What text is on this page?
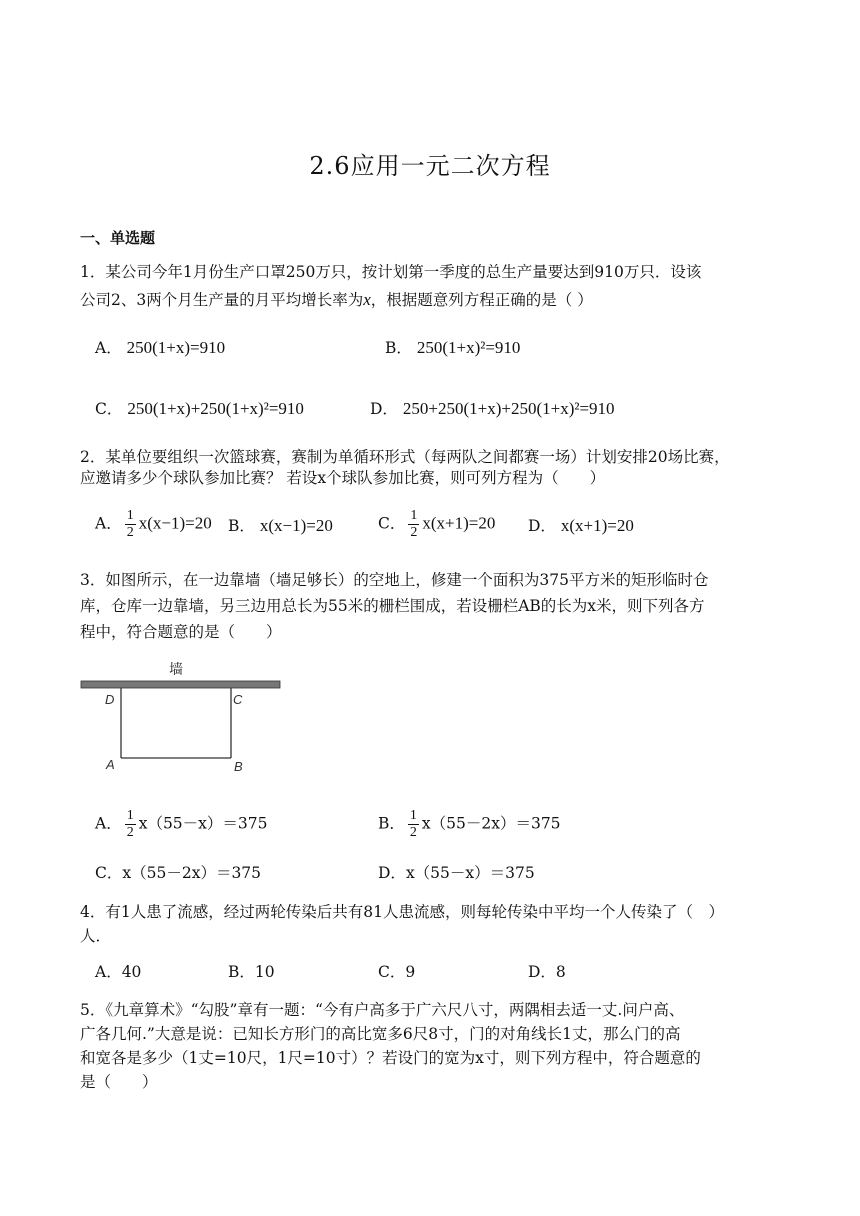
2.6应用一元二次方程
一、单选题
1．某公司今年1月份生产口罩250万只，按计划第一季度的总生产量要达到910万只．设该
公司2、3两个月生产量的月平均增长率为x，根据题意列方程正确的是（ ）
A． 250(1+x)=910	B． 250(1+x)²=910
C． 250(1+x)+250(1+x)²=910	D． 250+250(1+x)+250(1+x)²=910
2．某单位要组织一次篮球赛，赛制为单循环形式（每两队之间都赛一场）计划安排20场比赛，
应邀请多少个球队参加比赛？ 若设x个球队参加比赛，则可列方程为（　　）
A． $\frac{1}{2} x(x-1)=20$ B． x(x−1)=20	C． $\frac{1}{2} x(x+1)=20$ D． x(x+1)=20
3．如图所示，在一边靠墙（墙足够长）的空地上，修建一个面积为375平方米的矩形临时仓
库，仓库一边靠墙，另三边用总长为55米的栅栏围成，若设栅栏AB的长为x米，则下列各方
程中，符合题意的是（　　）
墙
D	C
A	B
A． $\frac{1}{2} x(55-x)=375$	B． $\frac{1}{2} x(55-2x)=375$
C．x（55－2x）＝375	D．x（55－x）＝375
4．有1人患了流感，经过两轮传染后共有81人患流感，则每轮传染中平均一个人传染了（　）
人．
A．40	B．10	C．9	D．8
5．《九章算术》“勾股”章有一题：“今有户高多于广六尺八寸，两隅相去适一丈.问户高、
广各几何.”大意是说：已知长方形门的高比宽多6尺8寸，门的对角线长1丈，那么门的高
和宽各是多少（1丈=10尺，1尺=10寸）？若设门的宽为x寸，则下列方程中，符合题意的
是（　　）
